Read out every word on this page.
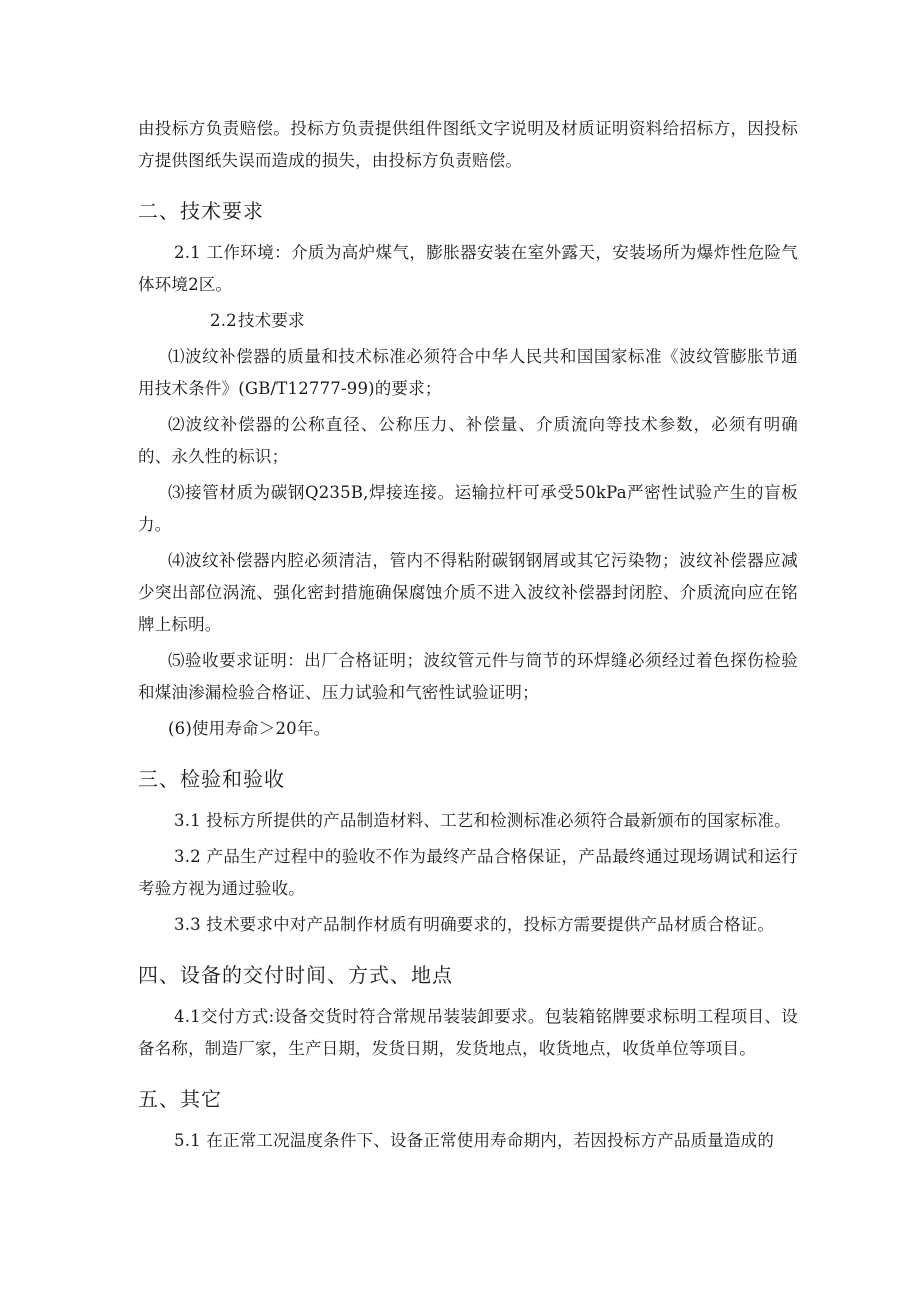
由投标方负责赔偿。投标方负责提供组件图纸文字说明及材质证明资料给招标方，因投标方提供图纸失误而造成的损失，由投标方负责赔偿。

二、技术要求

2.1 工作环境：介质为高炉煤气，膨胀器安装在室外露天，安装场所为爆炸性危险气体环境2区。

2.2技术要求

⑴波纹补偿器的质量和技术标准必须符合中华人民共和国国家标准《波纹管膨胀节通用技术条件》(GB/T12777-99)的要求；

⑵波纹补偿器的公称直径、公称压力、补偿量、介质流向等技术参数，必须有明确的、永久性的标识；

⑶接管材质为碳钢Q235B,焊接连接。运输拉杆可承受50kPa严密性试验产生的盲板力。

⑷波纹补偿器内腔必须清洁，管内不得粘附碳钢钢屑或其它污染物；波纹补偿器应减少突出部位涡流、强化密封措施确保腐蚀介质不进入波纹补偿器封闭腔、介质流向应在铭牌上标明。

⑸验收要求证明：出厂合格证明；波纹管元件与筒节的环焊缝必须经过着色探伤检验和煤油渗漏检验合格证、压力试验和气密性试验证明；

(6)使用寿命＞20年。

三、检验和验收

3.1 投标方所提供的产品制造材料、工艺和检测标准必须符合最新颁布的国家标准。

3.2 产品生产过程中的验收不作为最终产品合格保证，产品最终通过现场调试和运行考验方视为通过验收。

3.3 技术要求中对产品制作材质有明确要求的，投标方需要提供产品材质合格证。

四、设备的交付时间、方式、地点

4.1交付方式:设备交货时符合常规吊装装卸要求。包装箱铭牌要求标明工程项目、设备名称，制造厂家，生产日期，发货日期，发货地点，收货地点，收货单位等项目。

五、其它

5.1 在正常工况温度条件下、设备正常使用寿命期内，若因投标方产品质量造成的
